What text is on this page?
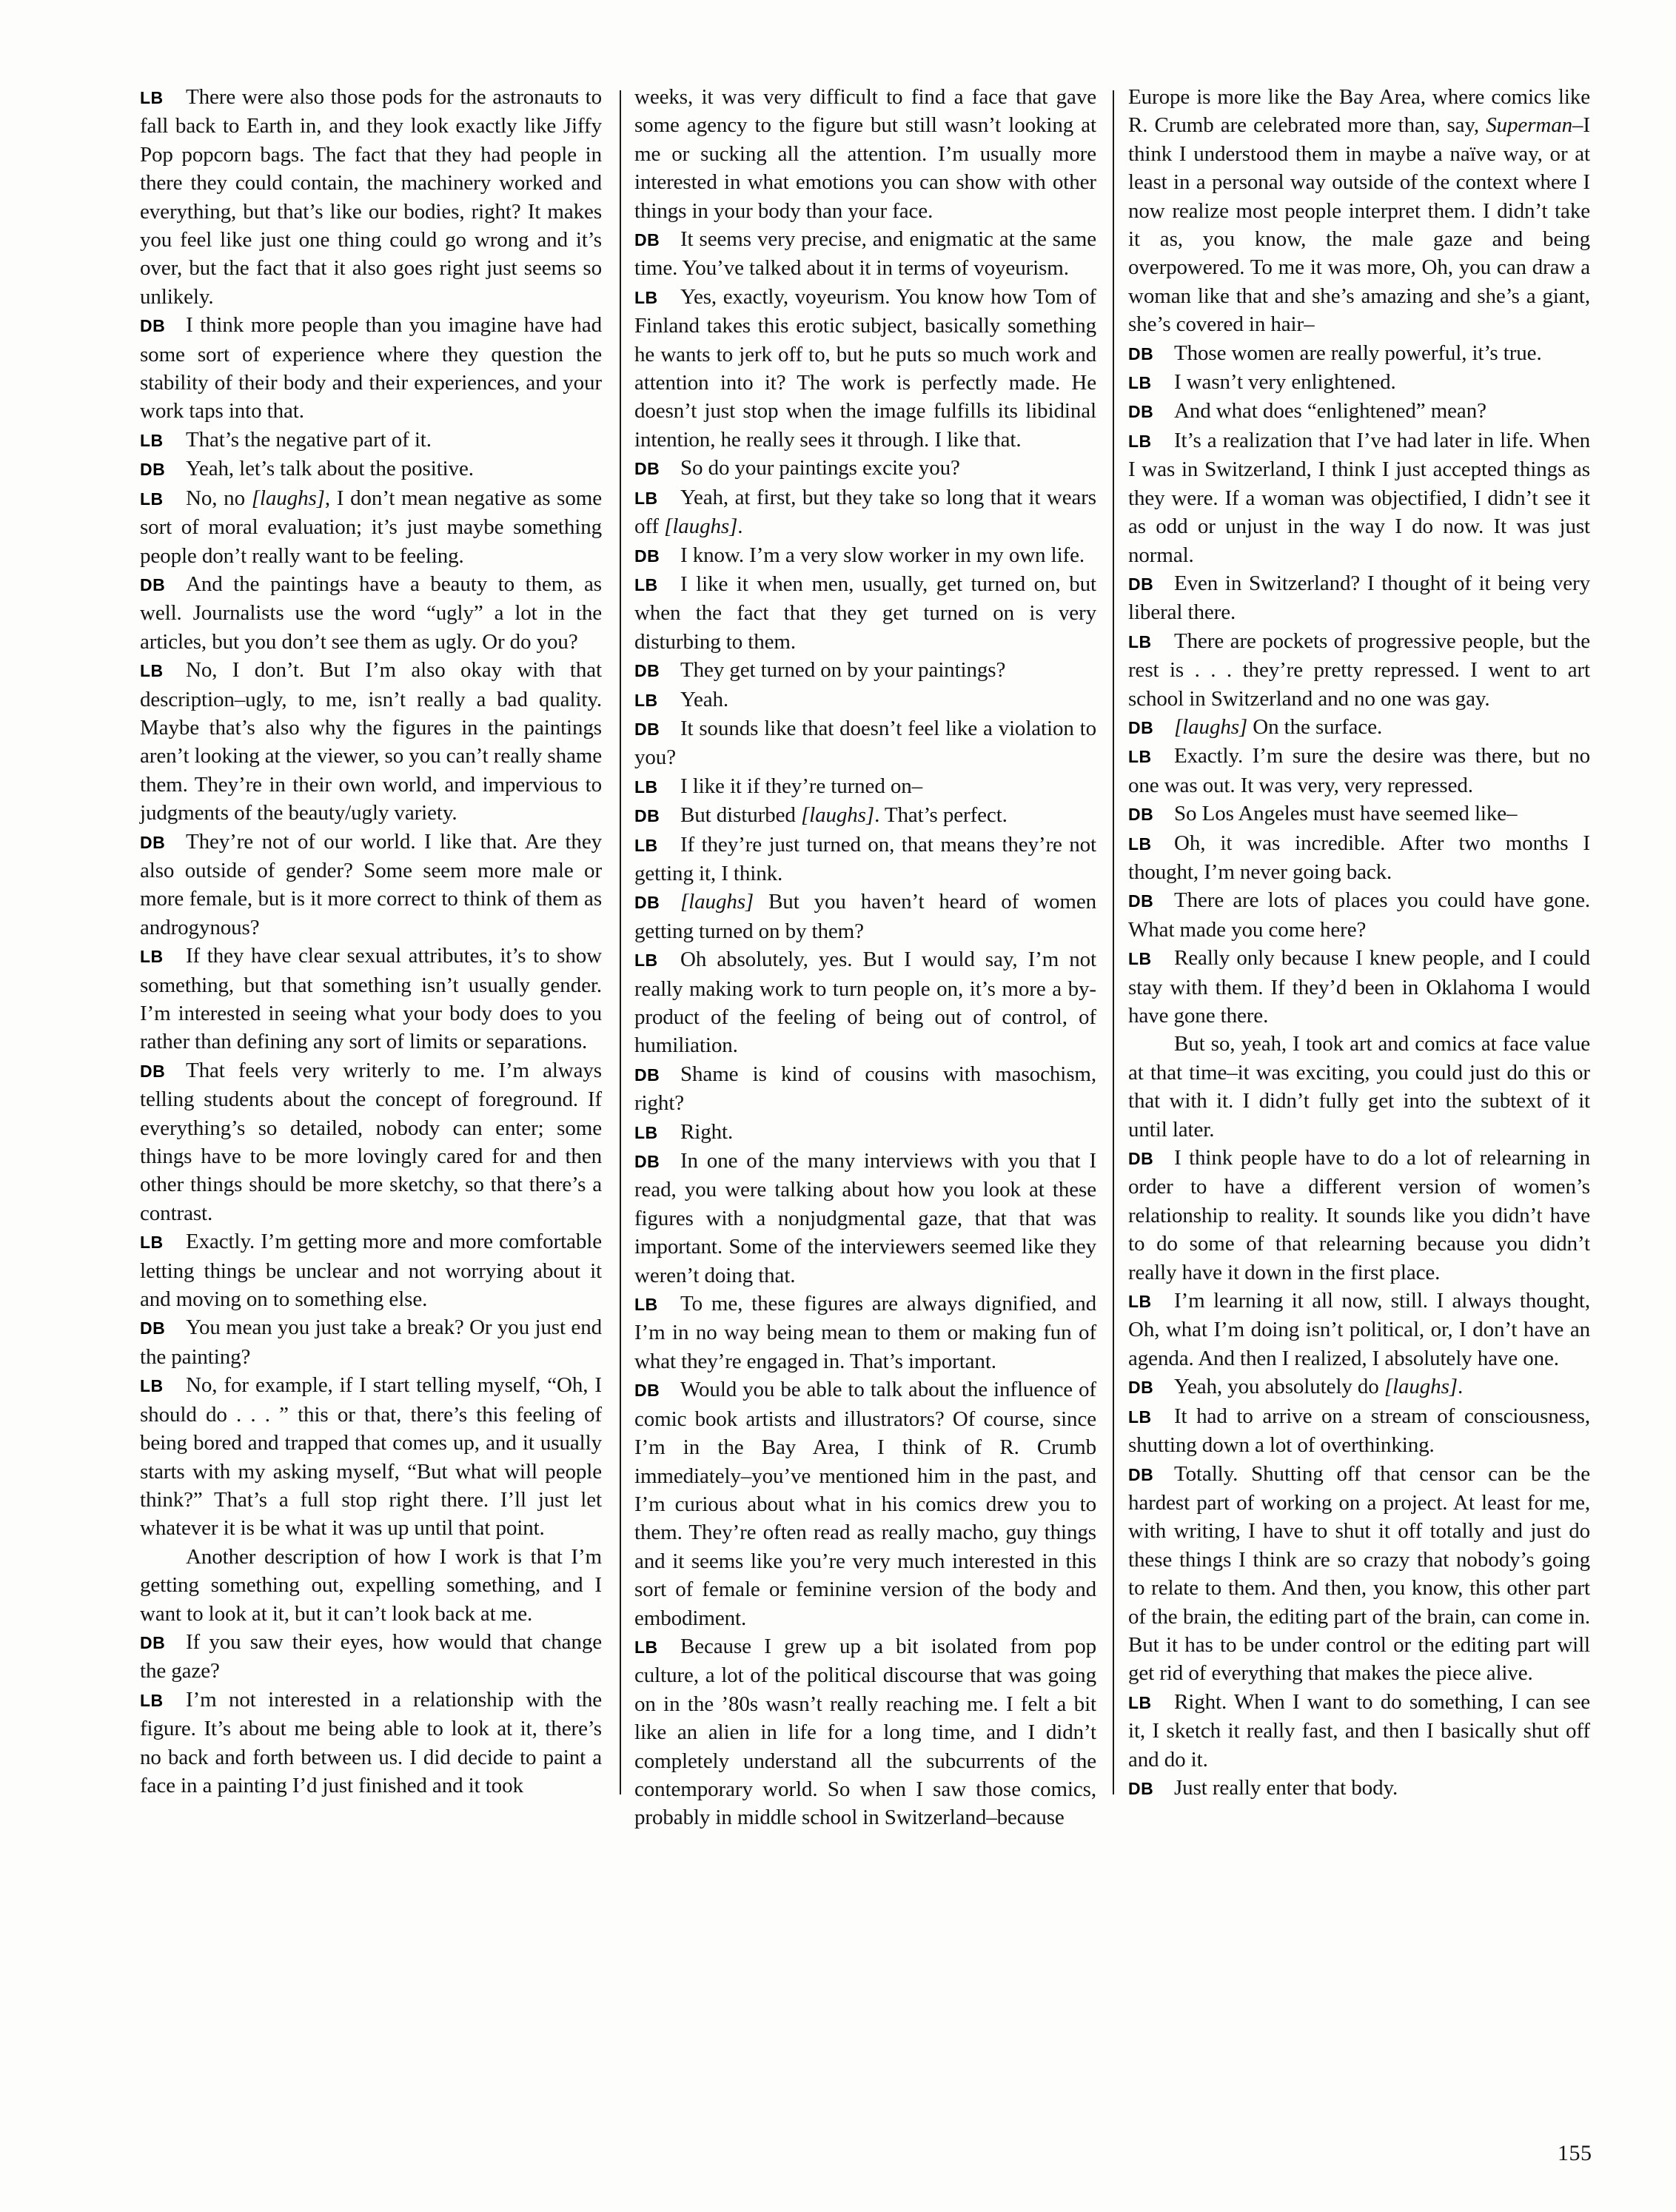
LB There were also those pods for the astronauts to fall back to Earth in, and they look exactly like Jiffy Pop popcorn bags. The fact that they had people in there they could contain, the machinery worked and everything, but that’s like our bodies, right? It makes you feel like just one thing could go wrong and it’s over, but the fact that it also goes right just seems so unlikely.

DB I think more people than you imagine have had some sort of experience where they question the stability of their body and their experiences, and your work taps into that.

LB That’s the negative part of it.

DB Yeah, let’s talk about the positive.

LB No, no [laughs], I don’t mean negative as some sort of moral evaluation; it’s just maybe something people don’t really want to be feeling.

DB And the paintings have a beauty to them, as well. Journalists use the word “ugly” a lot in the articles, but you don’t see them as ugly. Or do you?

LB No, I don’t. But I’m also okay with that description–ugly, to me, isn’t really a bad quality. Maybe that’s also why the figures in the paintings aren’t looking at the viewer, so you can’t really shame them. They’re in their own world, and impervious to judgments of the beauty/ugly variety.

DB They’re not of our world. I like that. Are they also outside of gender? Some seem more male or more female, but is it more correct to think of them as androgynous?

LB If they have clear sexual attributes, it’s to show something, but that something isn’t usually gender. I’m interested in seeing what your body does to you rather than defining any sort of limits or separations.

DB That feels very writerly to me. I’m always telling students about the concept of foreground. If everything’s so detailed, nobody can enter; some things have to be more lovingly cared for and then other things should be more sketchy, so that there’s a contrast.

LB Exactly. I’m getting more and more comfortable letting things be unclear and not worrying about it and moving on to something else.

DB You mean you just take a break? Or you just end the painting?

LB No, for example, if I start telling myself, “Oh, I should do . . . ” this or that, there’s this feeling of being bored and trapped that comes up, and it usually starts with my asking myself, “But what will people think?” That’s a full stop right there. I’ll just let whatever it is be what it was up until that point.

Another description of how I work is that I’m getting something out, expelling something, and I want to look at it, but it can’t look back at me.

DB If you saw their eyes, how would that change the gaze?

LB I’m not interested in a relationship with the figure. It’s about me being able to look at it, there’s no back and forth between us. I did decide to paint a face in a painting I’d just finished and it took

weeks, it was very difficult to find a face that gave some agency to the figure but still wasn’t looking at me or sucking all the attention. I’m usually more interested in what emotions you can show with other things in your body than your face.

DB It seems very precise, and enigmatic at the same time. You’ve talked about it in terms of voyeurism.

LB Yes, exactly, voyeurism. You know how Tom of Finland takes this erotic subject, basically something he wants to jerk off to, but he puts so much work and attention into it? The work is perfectly made. He doesn’t just stop when the image fulfills its libidinal intention, he really sees it through. I like that.

DB So do your paintings excite you?

LB Yeah, at first, but they take so long that it wears off [laughs].

DB I know. I’m a very slow worker in my own life.

LB I like it when men, usually, get turned on, but when the fact that they get turned on is very disturbing to them.

DB They get turned on by your paintings?

LB Yeah.

DB It sounds like that doesn’t feel like a violation to you?

LB I like it if they’re turned on–

DB But disturbed [laughs]. That’s perfect.

LB If they’re just turned on, that means they’re not getting it, I think.

DB [laughs] But you haven’t heard of women getting turned on by them?

LB Oh absolutely, yes. But I would say, I’m not really making work to turn people on, it’s more a by-product of the feeling of being out of control, of humiliation.

DB Shame is kind of cousins with masochism, right?

LB Right.

DB In one of the many interviews with you that I read, you were talking about how you look at these figures with a nonjudgmental gaze, that that was important. Some of the interviewers seemed like they weren’t doing that.

LB To me, these figures are always dignified, and I’m in no way being mean to them or making fun of what they’re engaged in. That’s important.

DB Would you be able to talk about the influence of comic book artists and illustrators? Of course, since I’m in the Bay Area, I think of R. Crumb immediately–you’ve mentioned him in the past, and I’m curious about what in his comics drew you to them. They’re often read as really macho, guy things and it seems like you’re very much interested in this sort of female or feminine version of the body and embodiment.

LB Because I grew up a bit isolated from pop culture, a lot of the political discourse that was going on in the ’80s wasn’t really reaching me. I felt a bit like an alien in life for a long time, and I didn’t completely understand all the subcurrents of the contemporary world. So when I saw those comics, probably in middle school in Switzerland–because

Europe is more like the Bay Area, where comics like R. Crumb are celebrated more than, say, Superman–I think I understood them in maybe a naïve way, or at least in a personal way outside of the context where I now realize most people interpret them. I didn’t take it as, you know, the male gaze and being overpowered. To me it was more, Oh, you can draw a woman like that and she’s amazing and she’s a giant, she’s covered in hair–

DB Those women are really powerful, it’s true.

LB I wasn’t very enlightened.

DB And what does “enlightened” mean?

LB It’s a realization that I’ve had later in life. When I was in Switzerland, I think I just accepted things as they were. If a woman was objectified, I didn’t see it as odd or unjust in the way I do now. It was just normal.

DB Even in Switzerland? I thought of it being very liberal there.

LB There are pockets of progressive people, but the rest is . . . they’re pretty repressed. I went to art school in Switzerland and no one was gay.

DB [laughs] On the surface.

LB Exactly. I’m sure the desire was there, but no one was out. It was very, very repressed.

DB So Los Angeles must have seemed like–

LB Oh, it was incredible. After two months I thought, I’m never going back.

DB There are lots of places you could have gone. What made you come here?

LB Really only because I knew people, and I could stay with them. If they’d been in Oklahoma I would have gone there.

But so, yeah, I took art and comics at face value at that time–it was exciting, you could just do this or that with it. I didn’t fully get into the subtext of it until later.

DB I think people have to do a lot of relearning in order to have a different version of women’s relationship to reality. It sounds like you didn’t have to do some of that relearning because you didn’t really have it down in the first place.

LB I’m learning it all now, still. I always thought, Oh, what I’m doing isn’t political, or, I don’t have an agenda. And then I realized, I absolutely have one.

DB Yeah, you absolutely do [laughs].

LB It had to arrive on a stream of consciousness, shutting down a lot of overthinking.

DB Totally. Shutting off that censor can be the hardest part of working on a project. At least for me, with writing, I have to shut it off totally and just do these things I think are so crazy that nobody’s going to relate to them. And then, you know, this other part of the brain, the editing part of the brain, can come in. But it has to be under control or the editing part will get rid of everything that makes the piece alive.

LB Right. When I want to do something, I can see it, I sketch it really fast, and then I basically shut off and do it.

DB Just really enter that body.

155
